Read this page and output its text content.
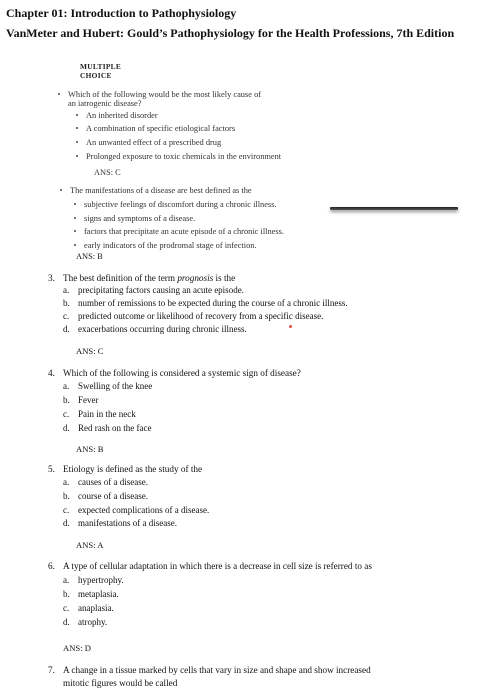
Chapter 01: Introduction to Pathophysiology
VanMeter and Hubert: Gould’s Pathophysiology for the Health Professions, 7th Edition
MULTIPLE
CHOICE
Which of the following would be the most likely cause of
an iatrogenic disease?
An inherited disorder
A combination of specific etiological factors
An unwanted effect of a prescribed drug
Prolonged exposure to toxic chemicals in the environment
ANS: C
The manifestations of a disease are best defined as the
subjective feelings of discomfort during a chronic illness.
signs and symptoms of a disease.
factors that precipitate an acute episode of a chronic illness.
early indicators of the prodromal stage of infection.
ANS: B
3. The best definition of the term prognosis is the
a. precipitating factors causing an acute episode.
b. number of remissions to be expected during the course of a chronic illness.
c. predicted outcome or likelihood of recovery from a specific disease.
d. exacerbations occurring during chronic illness.
ANS: C
4. Which of the following is considered a systemic sign of disease?
a. Swelling of the knee
b. Fever
c. Pain in the neck
d. Red rash on the face
ANS: B
5. Etiology is defined as the study of the
a. causes of a disease.
b. course of a disease.
c. expected complications of a disease.
d. manifestations of a disease.
ANS: A
6. A type of cellular adaptation in which there is a decrease in cell size is referred to as
a. hypertrophy.
b. metaplasia.
c. anaplasia.
d. atrophy.
ANS: D
7. A change in a tissue marked by cells that vary in size and shape and show increased
mitotic figures would be called
